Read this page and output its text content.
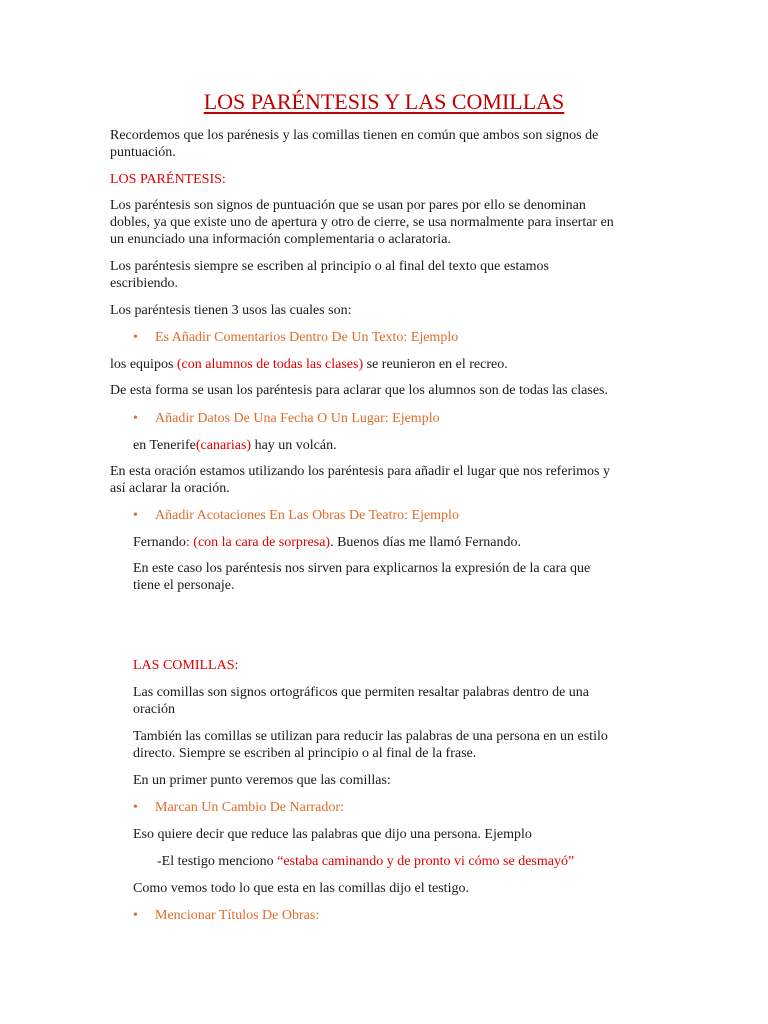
LOS PARÉNTESIS Y LAS COMILLAS

Recordemos que los parénesis y las comillas tienen en común que ambos son signos de

puntuación.

LOS PARÉNTESIS:

Los paréntesis son signos de puntuación que se usan por pares por ello se denominan

dobles, ya que existe uno de apertura y otro de cierre, se usa normalmente para insertar en

un enunciado una información complementaria o aclaratoria.

Los paréntesis siempre se escriben al principio o al final del texto que estamos

escribiendo.

Los paréntesis tienen 3 usos las cuales son:

• Es Añadir Comentarios Dentro De Un Texto: Ejemplo

los equipos (con alumnos de todas las clases) se reunieron en el recreo.

De esta forma se usan los paréntesis para aclarar que los alumnos son de todas las clases.

• Añadir Datos De Una Fecha O Un Lugar: Ejemplo

en Tenerife(canarias) hay un volcán.

En esta oración estamos utilizando los paréntesis para añadir el lugar que nos referimos y

así aclarar la oración.

• Añadir Acotaciones En Las Obras De Teatro: Ejemplo

Fernando: (con la cara de sorpresa). Buenos días me llamó Fernando.

En este caso los paréntesis nos sirven para explicarnos la expresión de la cara que

tiene el personaje.

LAS COMILLAS:

Las comillas son signos ortográficos que permiten resaltar palabras dentro de una

oración

También las comillas se utilizan para reducir las palabras de una persona en un estilo

directo. Siempre se escriben al principio o al final de la frase.

En un primer punto veremos que las comillas:

• Marcan Un Cambio De Narrador:

Eso quiere decir que reduce las palabras que dijo una persona. Ejemplo

-El testigo menciono “estaba caminando y de pronto vi cómo se desmayó”

Como vemos todo lo que esta en las comillas dijo el testigo.

• Mencionar Títulos De Obras:
